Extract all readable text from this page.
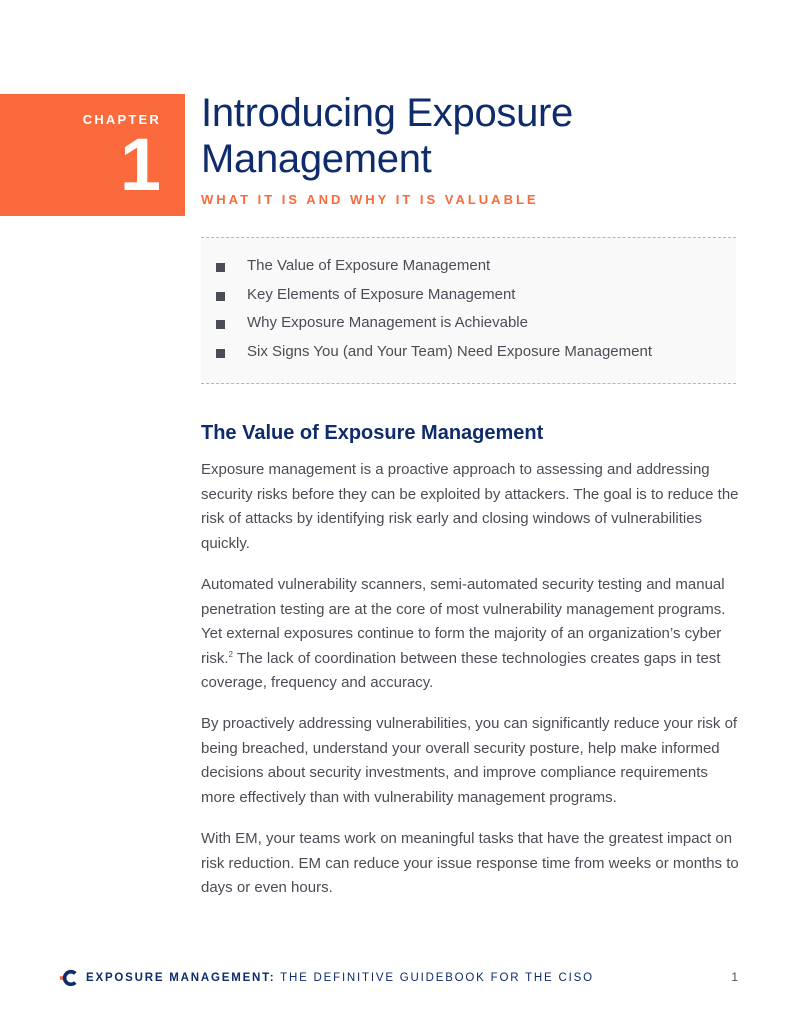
CHAPTER
1
Introducing Exposure Management
WHAT IT IS AND WHY IT IS VALUABLE
The Value of Exposure Management
Key Elements of Exposure Management
Why Exposure Management is Achievable
Six Signs You (and Your Team) Need Exposure Management
The Value of Exposure Management

Exposure management is a proactive approach to assessing and addressing security risks before they can be exploited by attackers. The goal is to reduce the risk of attacks by identifying risk early and closing windows of vulnerabilities quickly.

Automated vulnerability scanners, semi-automated security testing and manual penetration testing are at the core of most vulnerability management programs. Yet external exposures continue to form the majority of an organization’s cyber risk.$^2$ The lack of coordination between these technologies creates gaps in test coverage, frequency and accuracy.

By proactively addressing vulnerabilities, you can significantly reduce your risk of being breached, understand your overall security posture, help make informed decisions about security investments, and improve compliance requirements more effectively than with vulnerability management programs.

With EM, your teams work on meaningful tasks that have the greatest impact on risk reduction. EM can reduce your issue response time from weeks or months to days or even hours.

EXPOSURE MANAGEMENT: THE DEFINITIVE GUIDEBOOK FOR THE CISO	1
